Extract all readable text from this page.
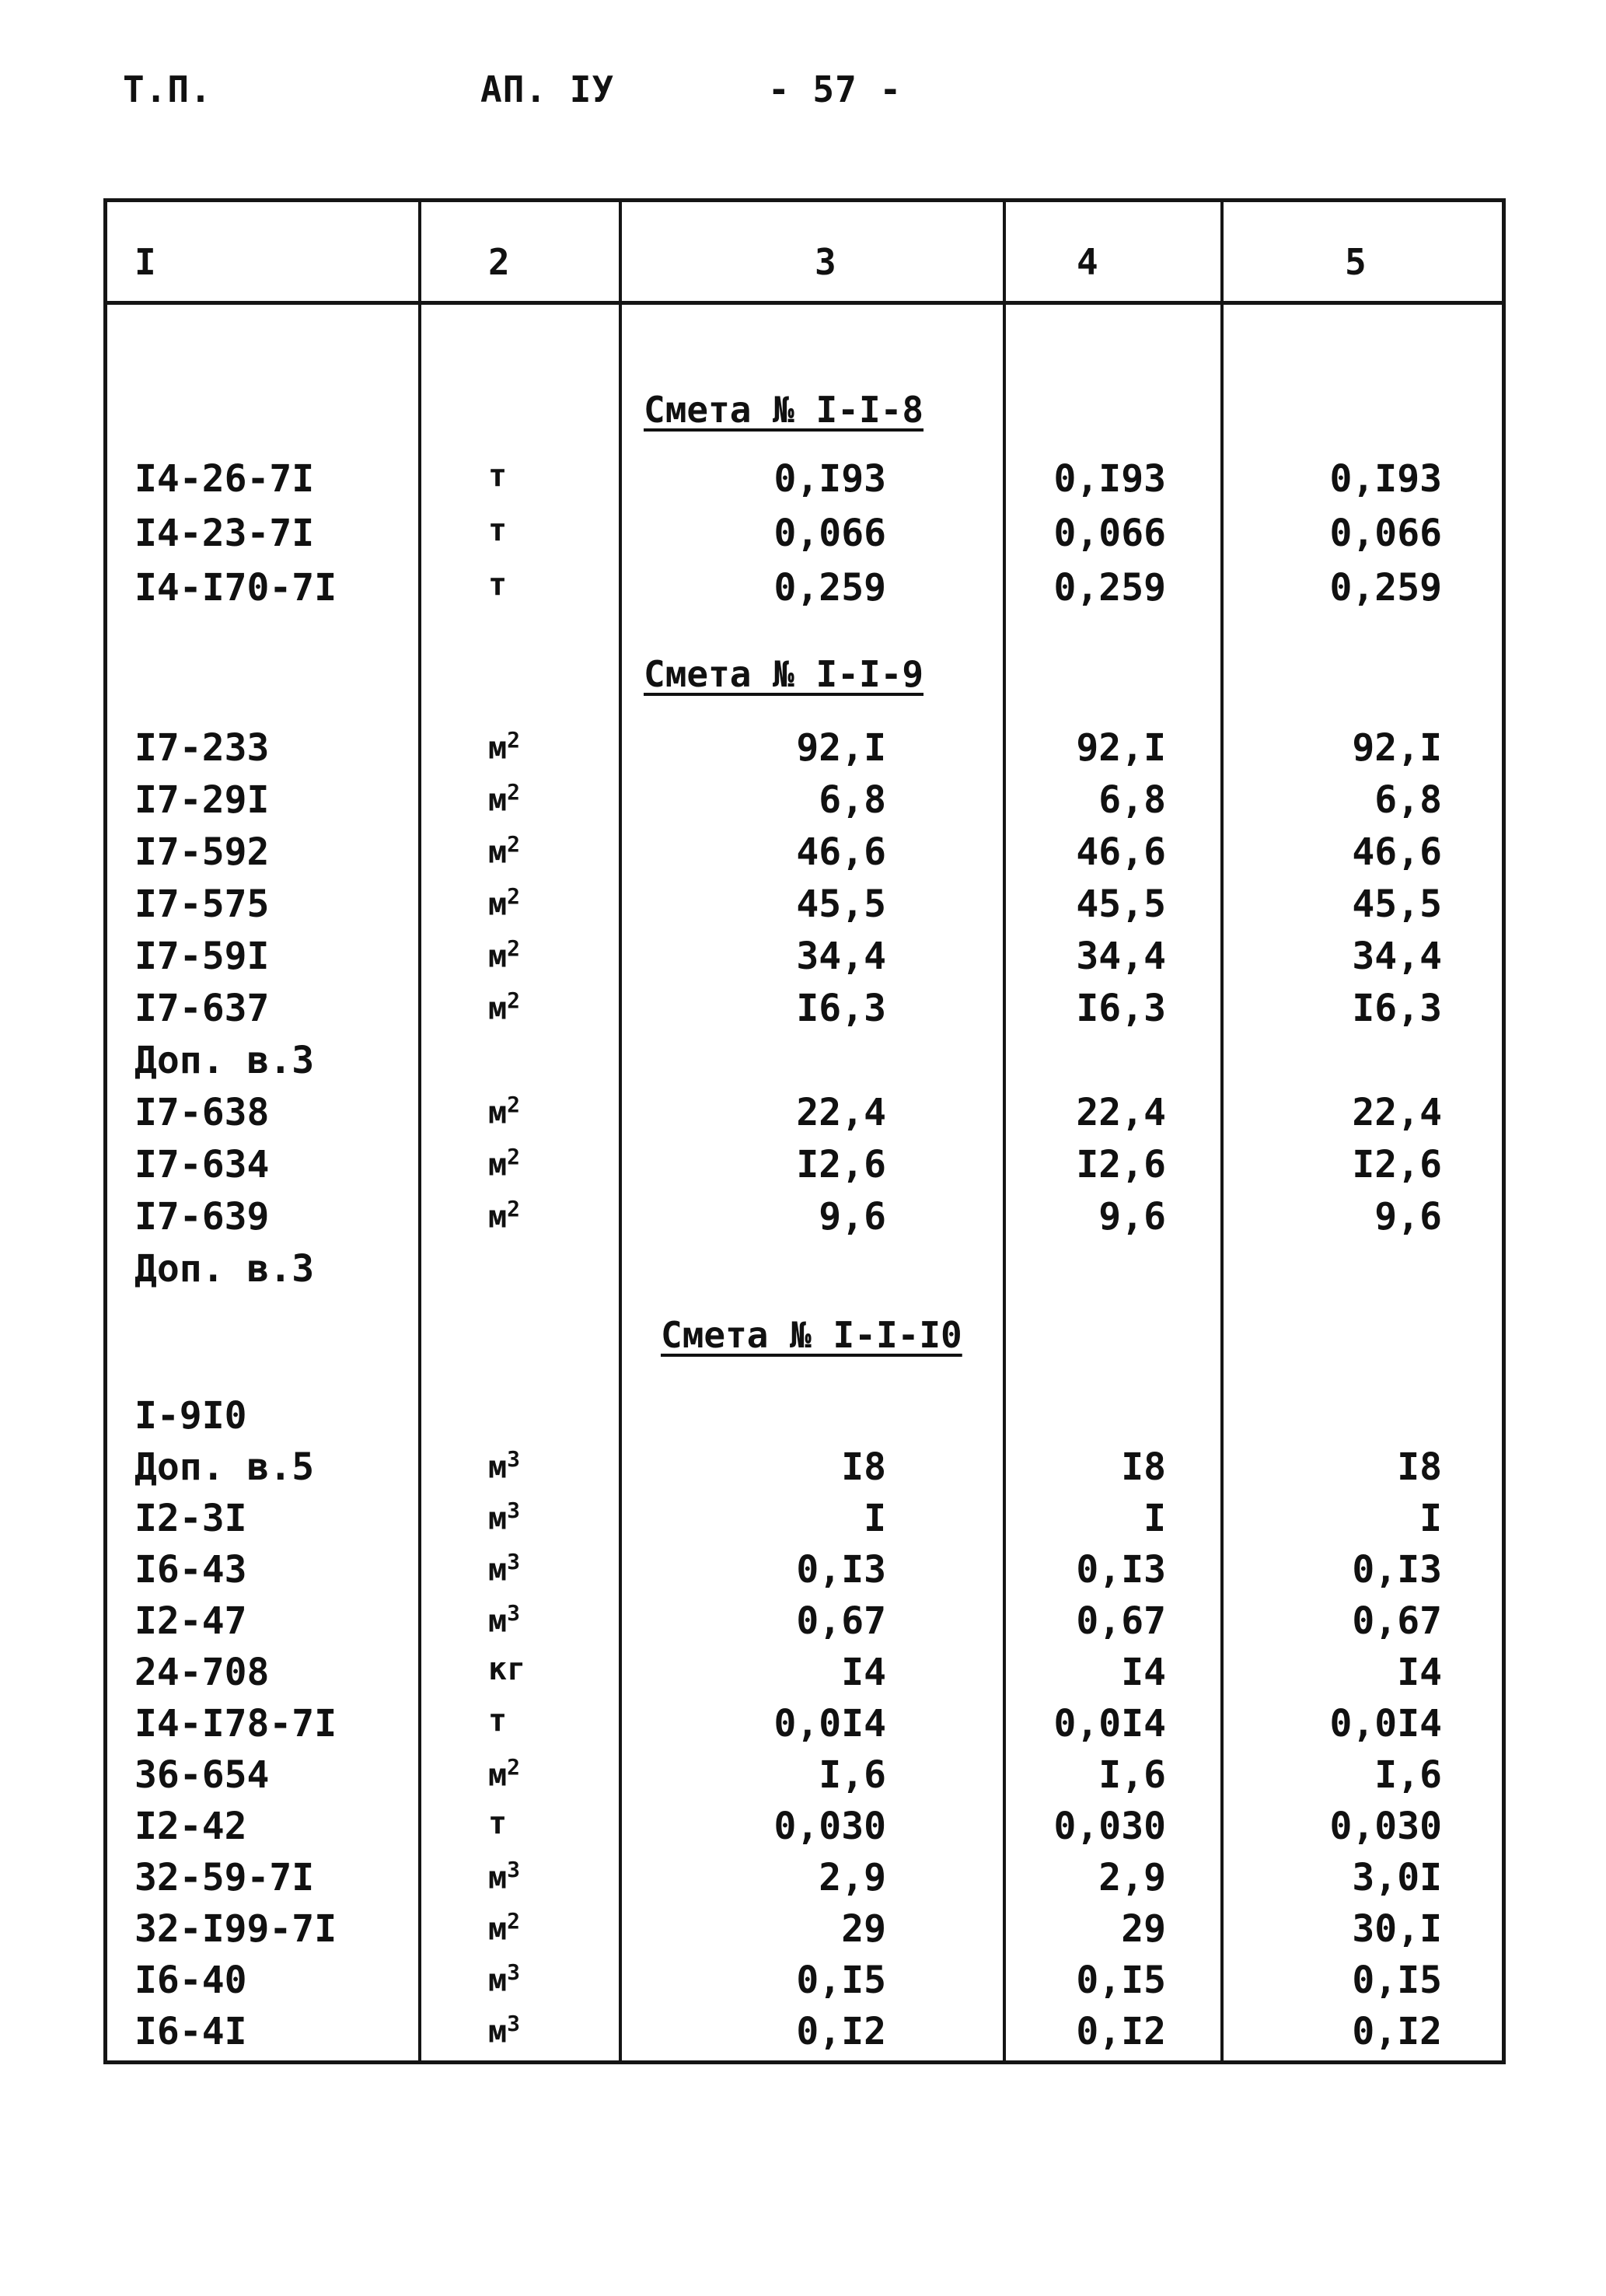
Т.П.	АП. IУ	- 57 -
I	2	3	4	5
Смета № I-I-8
I4-26-7I	т	0,I93	0,I93	0,I93
I4-23-7I	т	0,066	0,066	0,066
I4-I70-7I	т	0,259	0,259	0,259
Смета № I-I-9
I7-233	$м^2$	92,I	92,I	92,I
I7-29I	$м^2$	6,8	6,8	6,8
I7-592	$м^2$	46,6	46,6	46,6
I7-575	$м^2$	45,5	45,5	45,5
I7-59I	$м^2$	34,4	34,4	34,4
I7-637	$м^2$	I6,3	I6,3	I6,3
Доп. в.3
I7-638	$м^2$	22,4	22,4	22,4
I7-634	$м^2$	I2,6	I2,6	I2,6
I7-639	$м^2$	9,6	9,6	9,6
Доп. в.3
Смета № I-I-I0
I-9I0
Доп. в.5	$м^3$	I8	I8	I8
I2-3I	$м^3$	I	I	I
I6-43	$м^3$	0,I3	0,I3	0,I3
I2-47	$м^3$	0,67	0,67	0,67
24-708	кг	I4	I4	I4
I4-I78-7I	т	0,0I4	0,0I4	0,0I4
36-654	$м^2$	I,6	I,6	I,6
I2-42	т	0,030	0,030	0,030
32-59-7I	$м^3$	2,9	2,9	3,0I
32-I99-7I	$м^2$	29	29	30,I
I6-40	$м^3$	0,I5	0,I5	0,I5
I6-4I	$м^3$	0,I2	0,I2	0,I2
